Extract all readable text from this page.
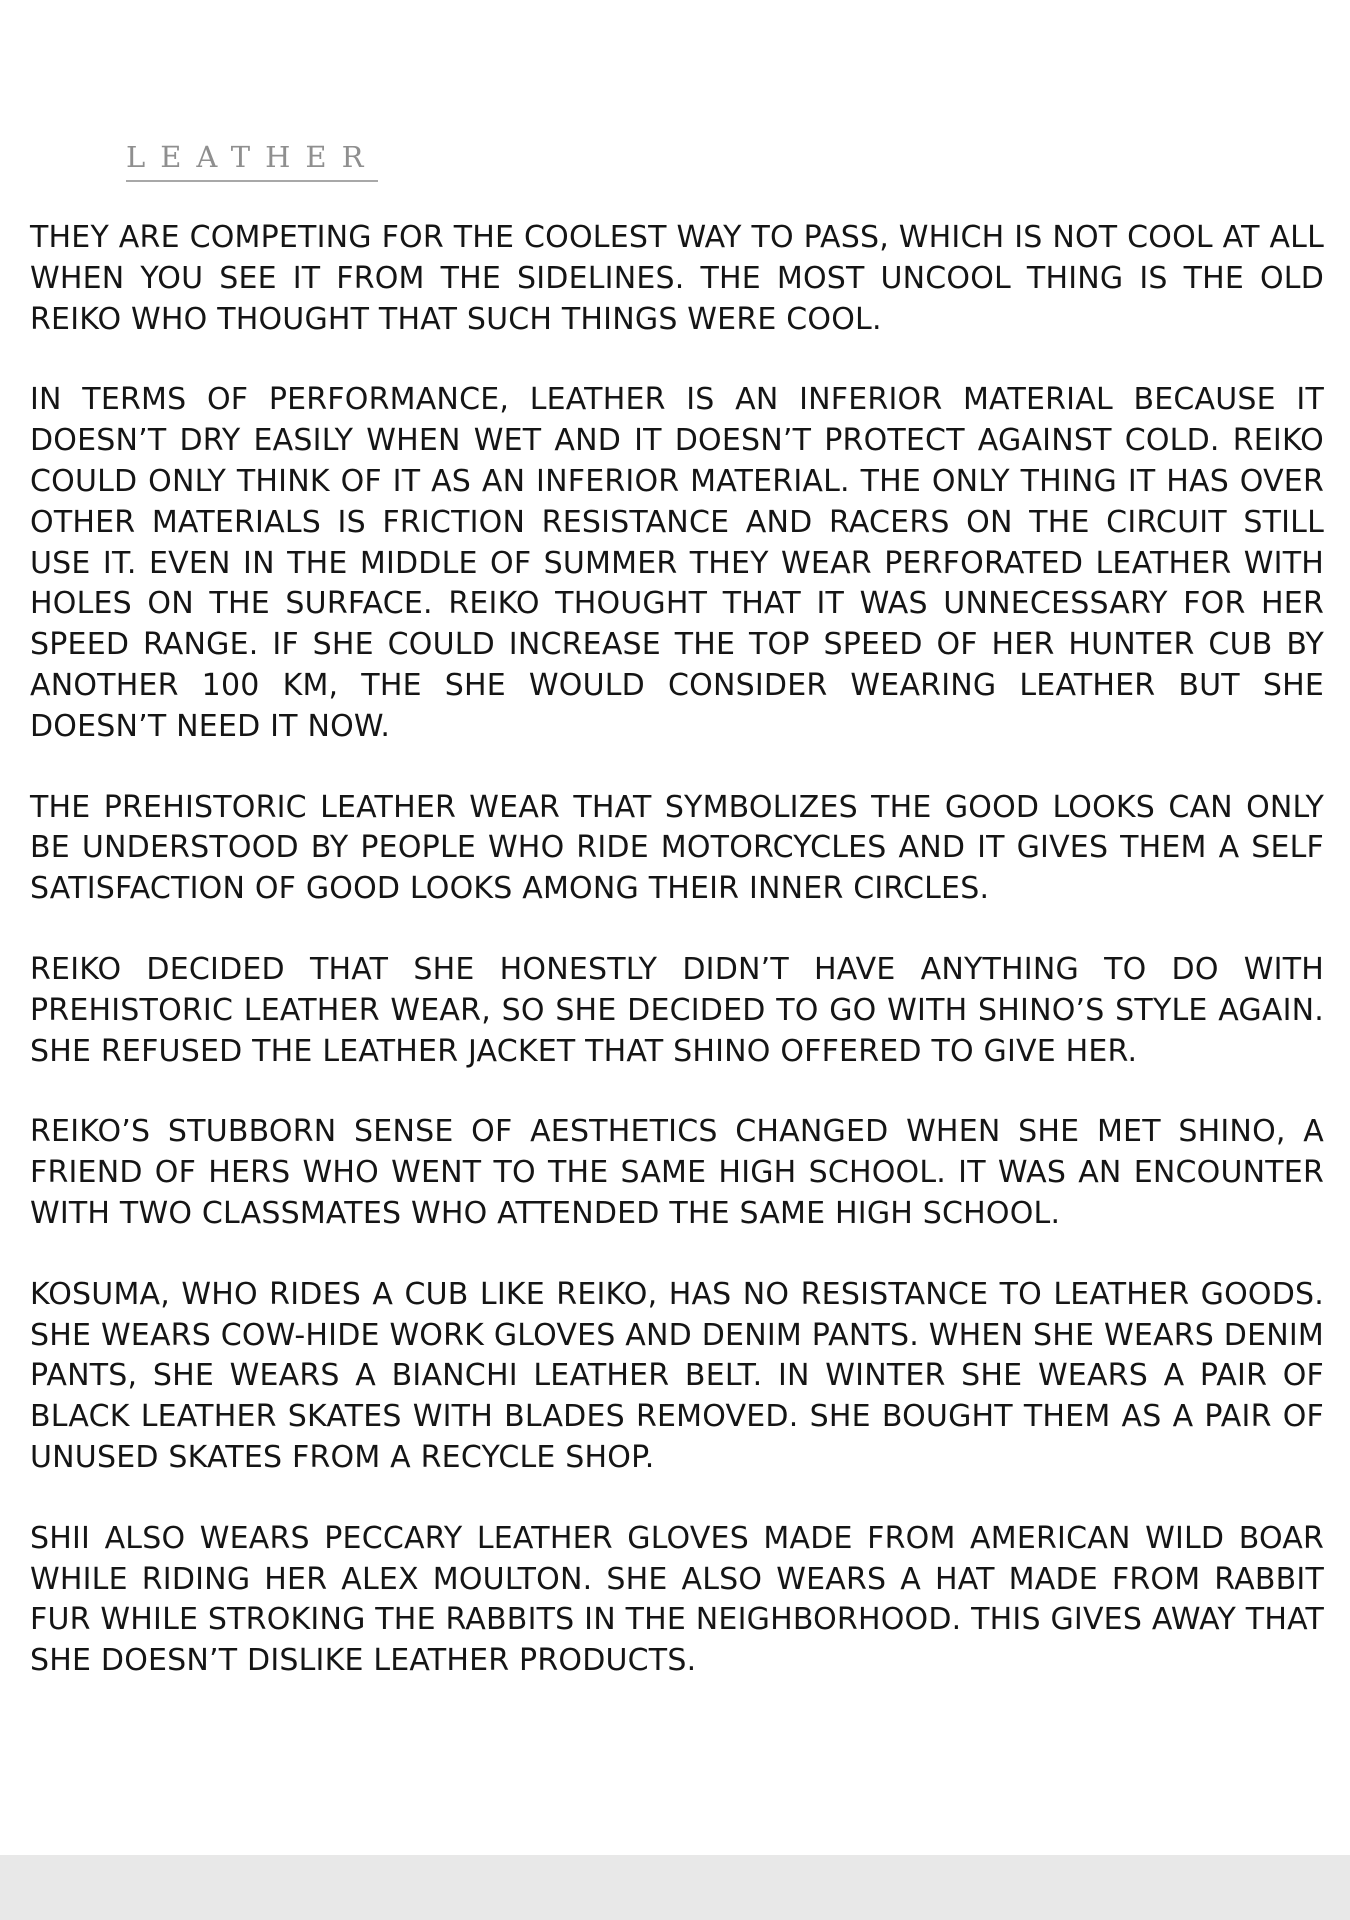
LEATHER

THEY ARE COMPETING FOR THE COOLEST WAY TO PASS, WHICH IS NOT COOL AT ALL WHEN YOU SEE IT FROM THE SIDELINES. THE MOST UNCOOL THING IS THE OLD REIKO WHO THOUGHT THAT SUCH THINGS WERE COOL.

IN TERMS OF PERFORMANCE, LEATHER IS AN INFERIOR MATERIAL BECAUSE IT DOESN’T DRY EASILY WHEN WET AND IT DOESN’T PROTECT AGAINST COLD. REIKO COULD ONLY THINK OF IT AS AN INFERIOR MATERIAL. THE ONLY THING IT HAS OVER OTHER MATERIALS IS FRICTION RESISTANCE AND RACERS ON THE CIRCUIT STILL USE IT. EVEN IN THE MIDDLE OF SUMMER THEY WEAR PERFORATED LEATHER WITH HOLES ON THE SURFACE. REIKO THOUGHT THAT IT WAS UNNECESSARY FOR HER SPEED RANGE. IF SHE COULD INCREASE THE TOP SPEED OF HER HUNTER CUB BY ANOTHER 100 KM, THE SHE WOULD CONSIDER WEARING LEATHER BUT SHE DOESN’T NEED IT NOW.

THE PREHISTORIC LEATHER WEAR THAT SYMBOLIZES THE GOOD LOOKS CAN ONLY BE UNDERSTOOD BY PEOPLE WHO RIDE MOTORCYCLES AND IT GIVES THEM A SELF SATISFACTION OF GOOD LOOKS AMONG THEIR INNER CIRCLES.

REIKO DECIDED THAT SHE HONESTLY DIDN’T HAVE ANYTHING TO DO WITH PREHISTORIC LEATHER WEAR, SO SHE DECIDED TO GO WITH SHINO’S STYLE AGAIN. SHE REFUSED THE LEATHER JACKET THAT SHINO OFFERED TO GIVE HER.

REIKO’S STUBBORN SENSE OF AESTHETICS CHANGED WHEN SHE MET SHINO, A FRIEND OF HERS WHO WENT TO THE SAME HIGH SCHOOL. IT WAS AN ENCOUNTER WITH TWO CLASSMATES WHO ATTENDED THE SAME HIGH SCHOOL.

KOSUMA, WHO RIDES A CUB LIKE REIKO, HAS NO RESISTANCE TO LEATHER GOODS. SHE WEARS COW-HIDE WORK GLOVES AND DENIM PANTS. WHEN SHE WEARS DENIM PANTS, SHE WEARS A BIANCHI LEATHER BELT. IN WINTER SHE WEARS A PAIR OF BLACK LEATHER SKATES WITH BLADES REMOVED. SHE BOUGHT THEM AS A PAIR OF UNUSED SKATES FROM A RECYCLE SHOP.

SHII ALSO WEARS PECCARY LEATHER GLOVES MADE FROM AMERICAN WILD BOAR WHILE RIDING HER ALEX MOULTON. SHE ALSO WEARS A HAT MADE FROM RABBIT FUR WHILE STROKING THE RABBITS IN THE NEIGHBORHOOD. THIS GIVES AWAY THAT SHE DOESN’T DISLIKE LEATHER PRODUCTS.
